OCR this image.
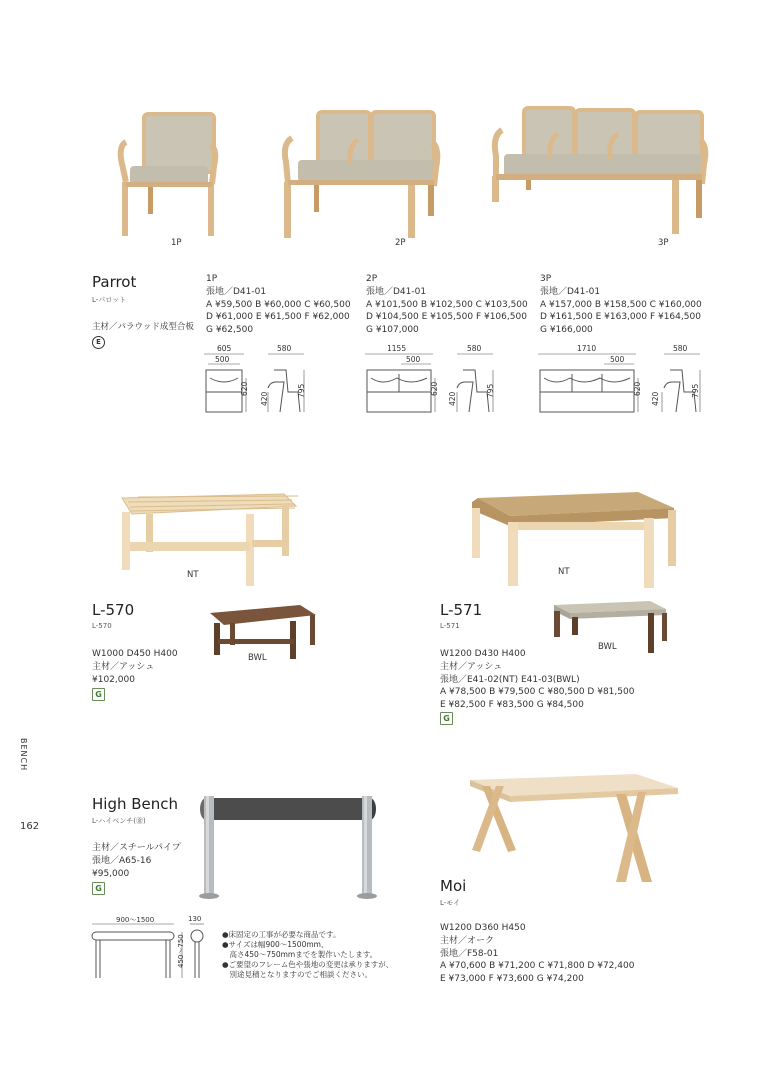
1P	2P	3P
Parrot
L-パロット
主材／パラウッド成型合板
E
1P
張地／D41-01
A ¥59,500 B ¥60,000 C ¥60,500
D ¥61,000 E ¥61,500 F ¥62,000
G ¥62,500
2P
張地／D41-01
A ¥101,500 B ¥102,500 C ¥103,500
D ¥104,500 E ¥105,500 F ¥106,500
G ¥107,000
3P
張地／D41-01
A ¥157,000 B ¥158,500 C ¥160,000
D ¥161,500 E ¥163,000 F ¥164,500
G ¥166,000
605
500
580
620
420
795
1155
500
580
620
420
795
1710
500
580
620
420
795
NT
BWL
L-570
L-570
W1000 D450 H400
主材／アッシュ
¥102,000
G
NT
BWL
L-571
L-571
W1200 D430 H400
主材／アッシュ
張地／E41-02(NT) E41-03(BWL)
A ¥78,500 B ¥79,500 C ¥80,500 D ¥81,500
E ¥82,500 F ¥83,500 G ¥84,500
G
BENCH
162
High Bench
L-ハイベンチ(㊎)
主材／スチールパイプ
張地／A65-16
¥95,000
G
900～1500	130
450～750	●床固定の工事が必要な商品です。
●サイズは幅900～1500mm、
　高さ450～750mmまでを製作いたします。
●ご要望のフレーム色や張地の変更は承りますが、
　別途見積となりますのでご相談ください。
Moi
L-モイ
W1200 D360 H450
主材／オーク
張地／F58-01
A ¥70,600 B ¥71,200 C ¥71,800 D ¥72,400
E ¥73,000 F ¥73,600 G ¥74,200
